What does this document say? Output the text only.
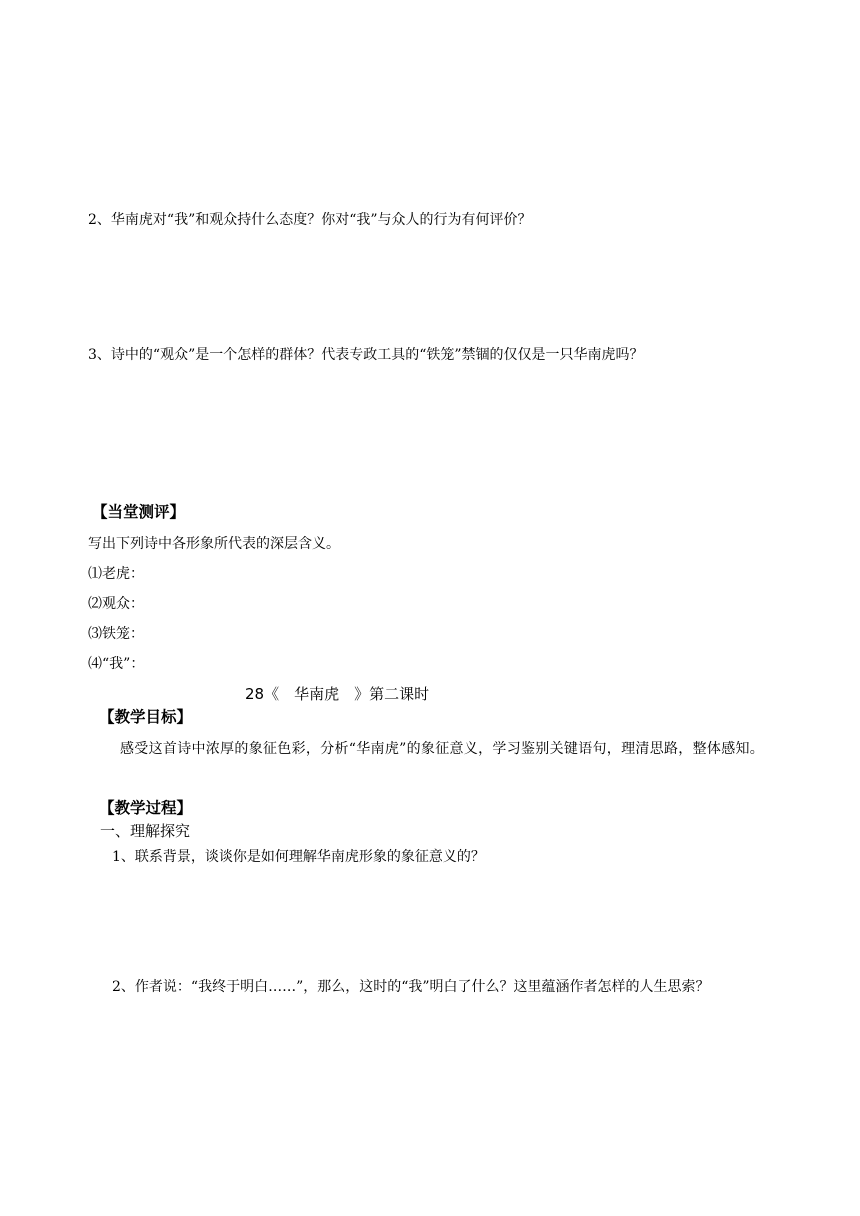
2、华南虎对“我”和观众持什么态度？你对“我”与众人的行为有何评价？
3、诗中的“观众”是一个怎样的群体？代表专政工具的“铁笼”禁锢的仅仅是一只华南虎吗？
【当堂测评】
写出下列诗中各形象所代表的深层含义。
⑴老虎：
⑵观众：
⑶铁笼：
⑷“我”：
28《　华南虎　》第二课时
【教学目标】
感受这首诗中浓厚的象征色彩，分析“华南虎”的象征意义，学习鉴别关键语句，理清思路，整体感知。
【教学过程】
一、理解探究
1、联系背景，谈谈你是如何理解华南虎形象的象征意义的？
2、作者说：“我终于明白……”，那么，这时的“我”明白了什么？这里蕴涵作者怎样的人生思索？
